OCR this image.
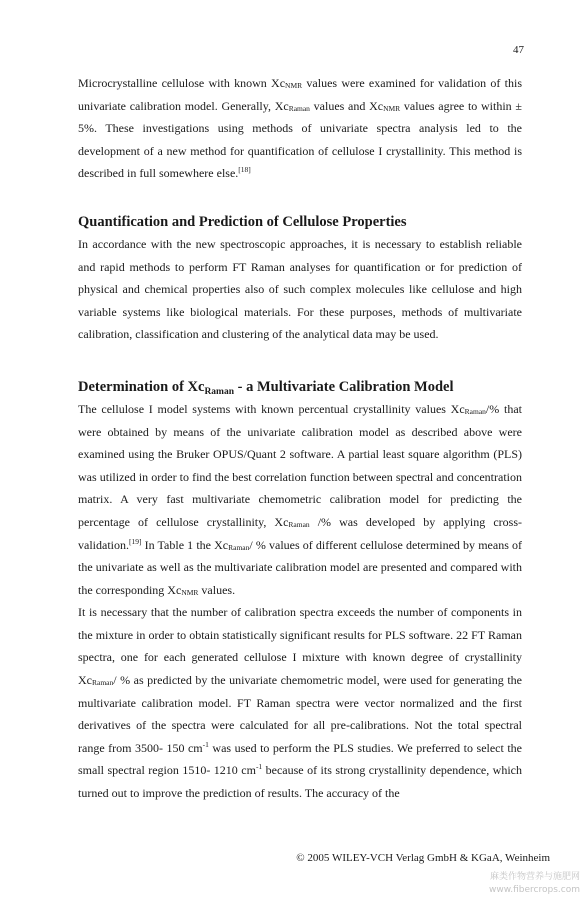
47

Microcrystalline cellulose with known $Xc_{NMR}$ values were examined for validation of this univariate calibration model. Generally, $Xc_{Raman}$ values and $Xc_{NMR}$ values agree to within ± 5%. These investigations using methods of univariate spectra analysis led to the development of a new method for quantification of cellulose I crystallinity. This method is described in full somewhere else.[18]

Quantification and Prediction of Cellulose Properties

In accordance with the new spectroscopic approaches, it is necessary to establish reliable and rapid methods to perform FT Raman analyses for quantification or for prediction of physical and chemical properties also of such complex molecules like cellulose and high variable systems like biological materials. For these purposes, methods of multivariate calibration, classification and clustering of the analytical data may be used.

Determination of $Xc_{Raman}$ - a Multivariate Calibration Model

The cellulose I model systems with known percentual crystallinity values $Xc_{Raman}/\%$ that were obtained by means of the univariate calibration model as described above were examined using the Bruker OPUS/Quant 2 software. A partial least square algorithm (PLS) was utilized in order to find the best correlation function between spectral and concentration matrix. A very fast multivariate chemometric calibration model for predicting the percentage of cellulose crystallinity, $Xc_{Raman}$ /% was developed by applying cross-validation.[19] In Table 1 the $Xc_{Raman}/$ % values of different cellulose determined by means of the univariate as well as the multivariate calibration model are presented and compared with the corresponding $Xc_{NMR}$ values.

It is necessary that the number of calibration spectra exceeds the number of components in the mixture in order to obtain statistically significant results for PLS software. 22 FT Raman spectra, one for each generated cellulose I mixture with known degree of crystallinity $Xc_{Raman}/$ % as predicted by the univariate chemometric model, were used for generating the multivariate calibration model. FT Raman spectra were vector normalized and the first derivatives of the spectra were calculated for all pre-calibrations. Not the total spectral range from 3500- 150 $cm^{-1}$ was used to perform the PLS studies. We preferred to select the small spectral region 1510- 1210 $cm^{-1}$ because of its strong crystallinity dependence, which turned out to improve the prediction of results. The accuracy of the

© 2005 WILEY-VCH Verlag GmbH & KGaA, Weinheim
麻类作物营养与施肥网
www.fibercrops.com
